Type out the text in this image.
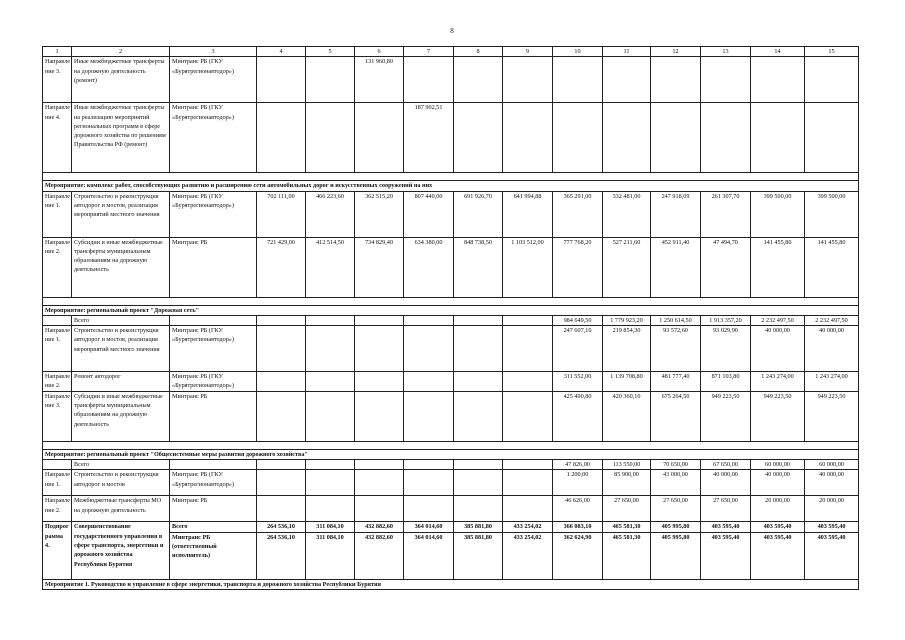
8
1	2	3	4	5	6	7	8	9	10	11	12	13	14	15
Направле ние 3.	Иные межбюджетные трансферты на дорожную деятельность (ремонт)	Минтранс РБ (ГКУ «Бурятрегионавтодор»)			131 960,80									
Направле ние 4.	Иные межбюджетные трансферты на реализацию мероприятий региональных программ в сфере дорожного хозяйства по решениям Правительства РФ (ремонт)	Минтранс РБ (ГКУ «Бурятрегионавтодор»)				187 902,51								

Мероприятие: комплекс работ, способствующих развитию и расширению сети автомобильных дорог и искусственных сооружений на них														
Направле ние 1.	Строительство и реконструкция автодорог и мостов, реализация мероприятий местного значения	Минтранс РБ (ГКУ «Бурятрегионавтодор»)	702 111,00	466 223,60	362 515,20	807 440,00	691 926,70	641 994,88	365 291,00	332 481,00	247 918,09	261 307,70	399 500,00	399 500,00
Направле ние 2.	Субсидии и иные межбюджетные трансферты муниципальным образованиям на дорожную деятельность	Минтранс РБ	721 429,00	412 514,50	734 829,40	634 380,00	848 738,50	1 103 512,00	777 768,20	527 211,60	452 911,40	47 494,70	141 455,80	141 455,80

Мероприятие: региональный проект "Дорожная сеть"														
	Всего								984 649,50	1 779 923,20	1 250 614,50	1 913 357,20	2 232 497,50	2 232 497,50
Направле ние 1.	Строительство и реконструкция автодорог и мостов, реализация мероприятий местного значения	Минтранс РБ (ГКУ «Бурятрегионавтодор»)							247 607,10	219 854,30	93 572,60	93 029,90	40 000,00	40 000,00
Направле ние 2.	Ремонт автодорог	Минтранс РБ (ГКУ «Бурятрегионавтодор»)							311 552,00	1 139 708,80	481 777,40	871 103,80	1 243 274,00	1 243 274,00
Направле ние 3.	Субсидии и иные межбюджетные трансферты муниципальным образованиям на дорожную деятельность	Минтранс РБ							425 490,80	420 360,10	675 264,50	949 223,50	949 223,50	949 223,50

Мероприятие: региональный проект "Общесистемные меры развития дорожного хозяйства"														
	Всего								47 826,00	113 550,00	70 650,00	67 650,00	60 000,00	60 000,00
Направле ние 1.	Строительство и реконструкция автодорог и мостов	Минтранс РБ (ГКУ «Бурятрегионавтодор»)							1 200,00	85 900,00	43 000,00	40 000,00	40 000,00	40 000,00
Направле ние 2.	Межбюджетные трансферты МО на дорожную деятельность	Минтранс РБ							46 626,00	27 650,00	27 650,00	27 650,00	20 000,00	20 000,00
Подпрог рамма 4.	Совершенствование государственного управления в сфере транспорта, энергетики и дорожного хозяйства Республики Бурятия	Всего	264 536,10	311 084,10	432 882,60	364 014,60	385 881,80	433 254,02	366 083,10	465 581,30	405 995,80	403 595,40	403 595,40	403 595,40
		Минтранс РБ (ответственный исполнитель)	264 536,10	311 084,10	432 882,60	364 014,60	385 881,80	433 254,02	362 624,90	465 581,30	405 995,80	403 595,40	403 595,40	403 595,40
Мероприятие 1. Руководство и управление в сфере энергетики, транспорта и дорожного хозяйства Республики Бурятия														
